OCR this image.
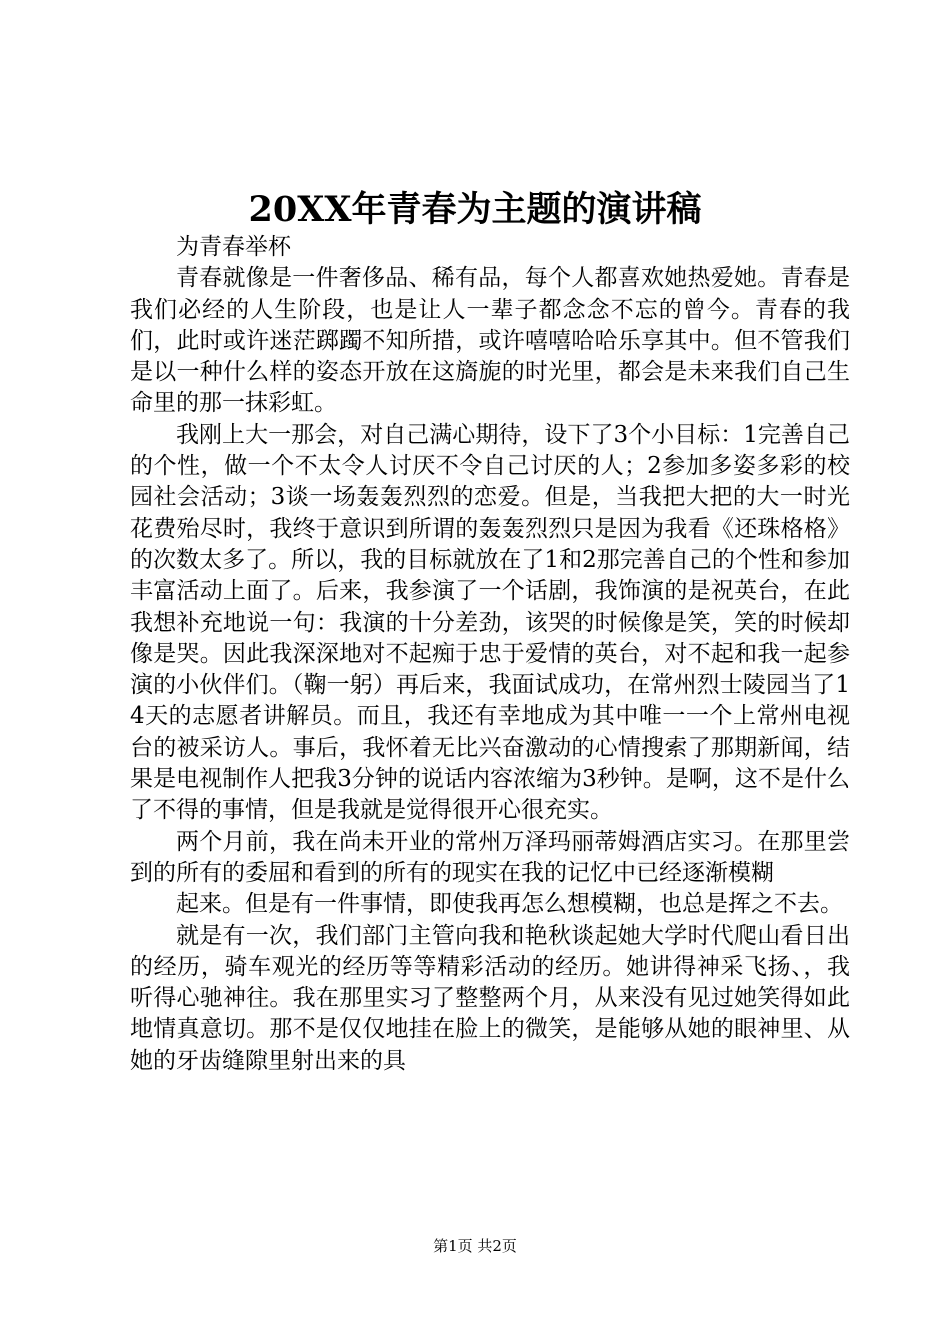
20XX年青春为主题的演讲稿

为青春举杯

青春就像是一件奢侈品、稀有品，每个人都喜欢她热爱她。青春是我们必经的人生阶段，也是让人一辈子都念念不忘的曾今。青春的我们，此时或许迷茫踯躅不知所措，或许嘻嘻哈哈乐享其中。但不管我们是以一种什么样的姿态开放在这旖旎的时光里，都会是未来我们自己生命里的那一抹彩虹。

我刚上大一那会，对自己满心期待，设下了3个小目标：1完善自己的个性，做一个不太令人讨厌不令自己讨厌的人；2参加多姿多彩的校园社会活动；3谈一场轰轰烈烈的恋爱。但是，当我把大把的大一时光花费殆尽时，我终于意识到所谓的轰轰烈烈只是因为我看《还珠格格》的次数太多了。所以，我的目标就放在了1和2那完善自己的个性和参加丰富活动上面了。后来，我参演了一个话剧，我饰演的是祝英台，在此我想补充地说一句：我演的十分差劲，该哭的时候像是笑，笑的时候却像是哭。因此我深深地对不起痴于忠于爱情的英台，对不起和我一起参演的小伙伴们。（鞠一躬）再后来，我面试成功，在常州烈士陵园当了14天的志愿者讲解员。而且，我还有幸地成为其中唯一一个上常州电视台的被采访人。事后，我怀着无比兴奋激动的心情搜索了那期新闻，结果是电视制作人把我3分钟的说话内容浓缩为3秒钟。是啊，这不是什么了不得的事情，但是我就是觉得很开心很充实。

两个月前，我在尚未开业的常州万泽玛丽蒂姆酒店实习。在那里尝到的所有的委屈和看到的所有的现实在我的记忆中已经逐渐模糊

起来。但是有一件事情，即使我再怎么想模糊，也总是挥之不去。

就是有一次，我们部门主管向我和艳秋谈起她大学时代爬山看日出的经历，骑车观光的经历等等精彩活动的经历。她讲得神采飞扬、，我听得心驰神往。我在那里实习了整整两个月，从来没有见过她笑得如此地情真意切。那不是仅仅地挂在脸上的微笑，是能够从她的眼神里、从她的牙齿缝隙里射出来的具

第1页 共2页
